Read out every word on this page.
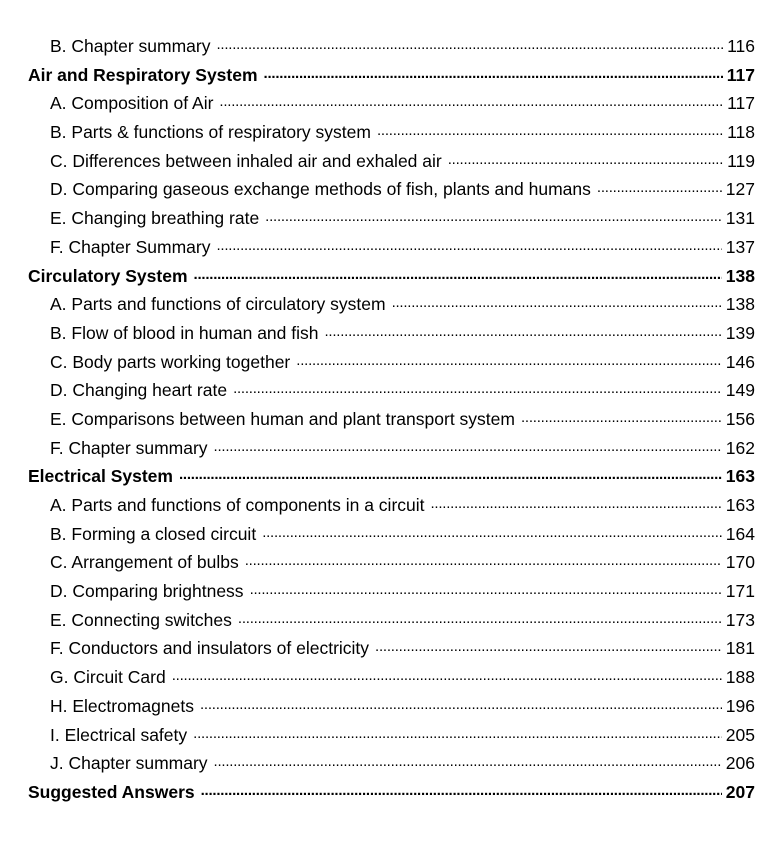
B. Chapter summary . . .	116
Air and Respiratory System . . .	117
A. Composition of Air . . .	117
B. Parts & functions of respiratory system . . .	118
C. Differences between inhaled air and exhaled air . . .	119
D. Comparing gaseous exchange methods of fish, plants and humans . . .	127
E. Changing breathing rate . . .	131
F. Chapter Summary . . .	137
Circulatory System . . .	138
A. Parts and functions of circulatory system . . .	138
B. Flow of blood in human and fish . . .	139
C. Body parts working together . . .	146
D. Changing heart rate . . .	149
E. Comparisons between human and plant transport system . . .	156
F. Chapter summary . . .	162
Electrical System . . .	163
A. Parts and functions of components in a circuit . . .	163
B. Forming a closed circuit . . .	164
C. Arrangement of bulbs . . .	170
D. Comparing brightness . . .	171
E. Connecting switches . . .	173
F. Conductors and insulators of electricity . . .	181
G. Circuit Card . . .	188
H. Electromagnets . . .	196
I. Electrical safety . . .	205
J. Chapter summary . . .	206
Suggested Answers . . .	207
